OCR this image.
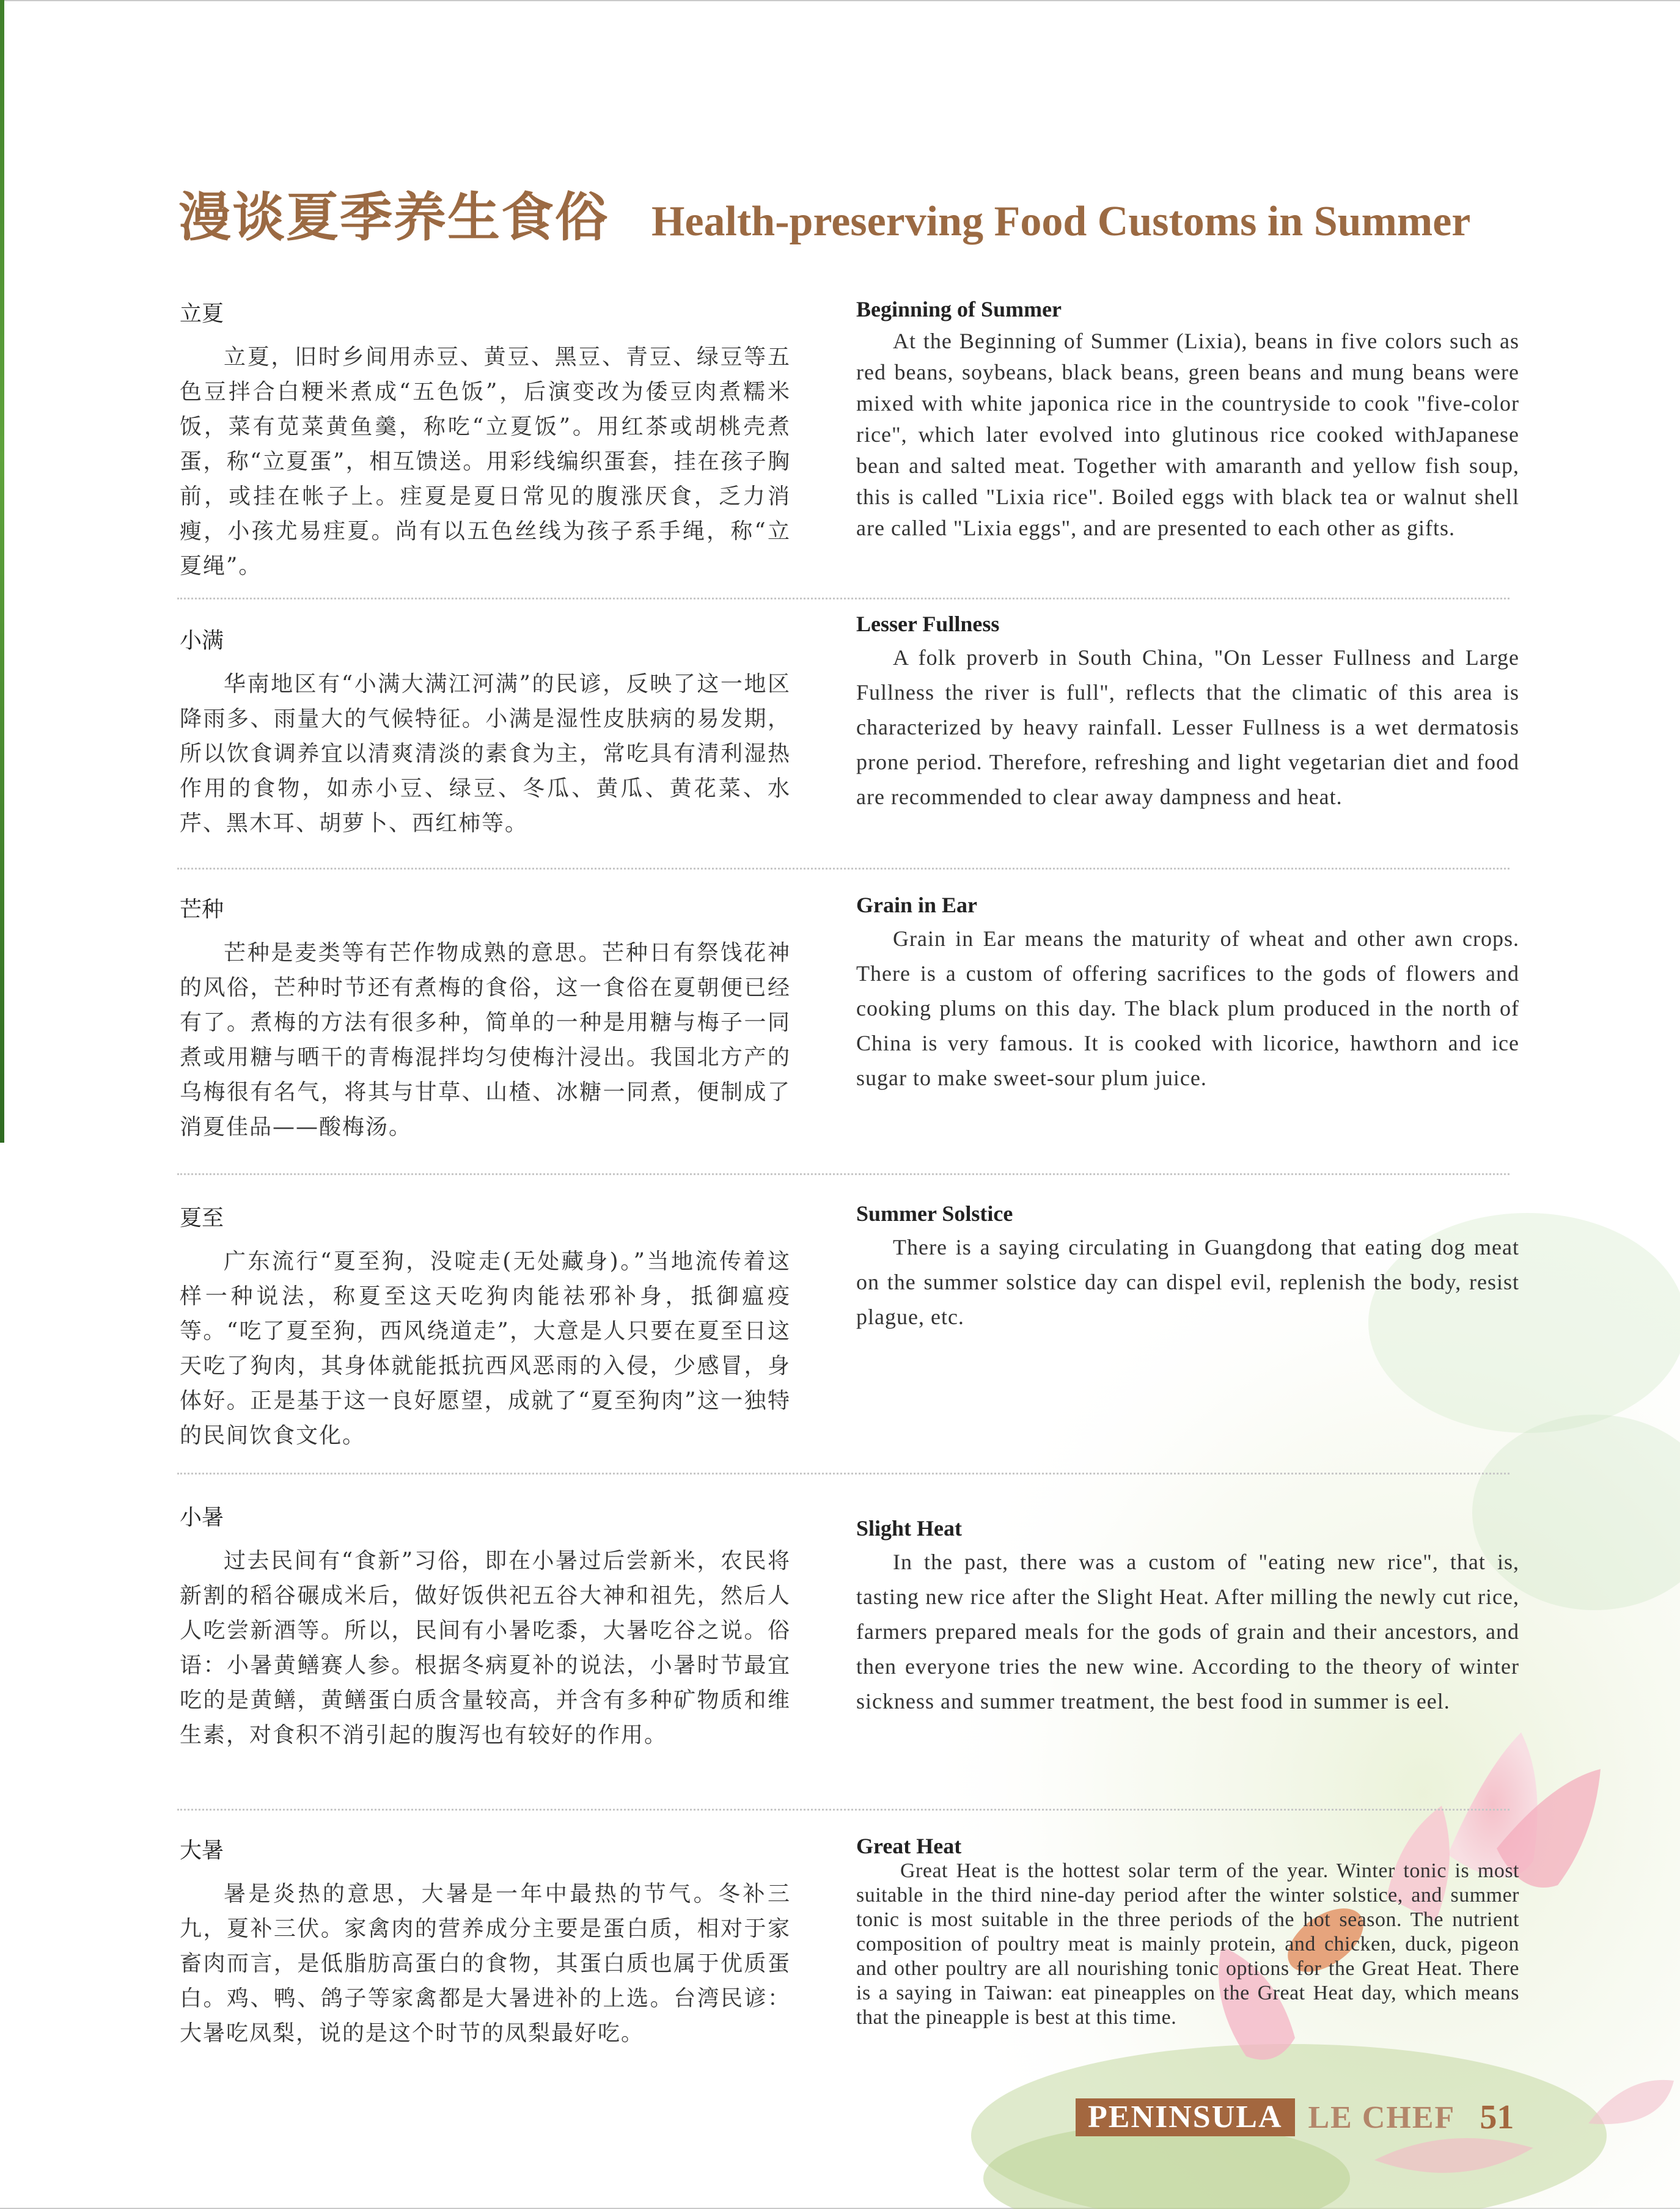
漫谈夏季养生食俗 Health-preserving Food Customs in Summer
立夏

立夏，旧时乡间用赤豆、黄豆、黑豆、青豆、绿豆等五色豆拌合白粳米煮成“五色饭”，后演变改为倭豆肉煮糯米饭，菜有苋菜黄鱼羹，称吃“立夏饭”。用红茶或胡桃壳煮蛋，称“立夏蛋”，相互馈送。用彩线编织蛋套，挂在孩子胸前，或挂在帐子上。疰夏是夏日常见的腹涨厌食，乏力消瘦，小孩尤易疰夏。尚有以五色丝线为孩子系手绳，称“立夏绳”。

Beginning of Summer

At the Beginning of Summer (Lixia), beans in five colors such as red beans, soybeans, black beans, green beans and mung beans were mixed with white japonica rice in the countryside to cook "five-color rice", which later evolved into glutinous rice cooked withJapanese bean and salted meat. Together with amaranth and yellow fish soup, this is called "Lixia rice". Boiled eggs with black tea or walnut shell are called "Lixia eggs", and are presented to each other as gifts.

小满

华南地区有“小满大满江河满”的民谚，反映了这一地区降雨多、雨量大的气候特征。小满是湿性皮肤病的易发期，所以饮食调养宜以清爽清淡的素食为主，常吃具有清利湿热作用的食物，如赤小豆、绿豆、冬瓜、黄瓜、黄花菜、水芹、黑木耳、胡萝卜、西红柿等。

Lesser Fullness

A folk proverb in South China, "On Lesser Fullness and Large Fullness the river is full", reflects that the climatic of this area is characterized by heavy rainfall. Lesser Fullness is a wet dermatosis prone period. Therefore, refreshing and light vegetarian diet and food are recommended to clear away dampness and heat.

芒种

芒种是麦类等有芒作物成熟的意思。芒种日有祭饯花神的风俗，芒种时节还有煮梅的食俗，这一食俗在夏朝便已经有了。煮梅的方法有很多种，简单的一种是用糖与梅子一同煮或用糖与晒干的青梅混拌均匀使梅汁浸出。我国北方产的乌梅很有名气，将其与甘草、山楂、冰糖一同煮，便制成了消夏佳品——酸梅汤。

Grain in Ear

Grain in Ear means the maturity of wheat and other awn crops. There is a custom of offering sacrifices to the gods of flowers and cooking plums on this day. The black plum produced in the north of China is very famous. It is cooked with licorice, hawthorn and ice sugar to make sweet-sour plum juice.

夏至

广东流行“夏至狗，没啶走(无处藏身)。”当地流传着这样一种说法，称夏至这天吃狗肉能祛邪补身，抵御瘟疫等。“吃了夏至狗，西风绕道走”，大意是人只要在夏至日这天吃了狗肉，其身体就能抵抗西风恶雨的入侵，少感冒，身体好。正是基于这一良好愿望，成就了“夏至狗肉”这一独特的民间饮食文化。

Summer Solstice

There is a saying circulating in Guangdong that eating dog meat on the summer solstice day can dispel evil, replenish the body, resist plague, etc.

小暑

过去民间有“食新”习俗，即在小暑过后尝新米，农民将新割的稻谷碾成米后，做好饭供祀五谷大神和祖先，然后人人吃尝新酒等。所以，民间有小暑吃黍，大暑吃谷之说。俗语：小暑黄鳝赛人参。根据冬病夏补的说法，小暑时节最宜吃的是黄鳝，黄鳝蛋白质含量较高，并含有多种矿物质和维生素，对食积不消引起的腹泻也有较好的作用。

Slight Heat

In the past, there was a custom of "eating new rice", that is, tasting new rice after the Slight Heat. After milling the newly cut rice, farmers prepared meals for the gods of grain and their ancestors, and then everyone tries the new wine. According to the theory of winter sickness and summer treatment, the best food in summer is eel.

大暑

暑是炎热的意思，大暑是一年中最热的节气。冬补三九，夏补三伏。家禽肉的营养成分主要是蛋白质，相对于家畜肉而言，是低脂肪高蛋白的食物，其蛋白质也属于优质蛋白。鸡、鸭、鸽子等家禽都是大暑进补的上选。台湾民谚：大暑吃凤梨，说的是这个时节的凤梨最好吃。

Great Heat

Great Heat is the hottest solar term of the year. Winter tonic is most suitable in the third nine-day period after the winter solstice, and summer tonic is most suitable in the three periods of the hot season. The nutrient composition of poultry meat is mainly protein, and chicken, duck, pigeon and other poultry are all nourishing tonic options for the Great Heat. There is a saying in Taiwan: eat pineapples on the Great Heat day, which means that the pineapple is best at this time.

PENINSULA LE CHEF 51
